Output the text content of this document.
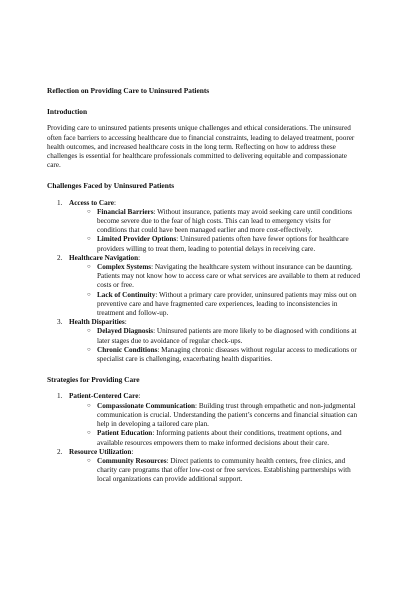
Reflection on Providing Care to Uninsured Patients
Introduction
Providing care to uninsured patients presents unique challenges and ethical considerations. The uninsured often face barriers to accessing healthcare due to financial constraints, leading to delayed treatment, poorer health outcomes, and increased healthcare costs in the long term. Reflecting on how to address these challenges is essential for healthcare professionals committed to delivering equitable and compassionate care.
Challenges Faced by Uninsured Patients
1. Access to Care:
○ Financial Barriers: Without insurance, patients may avoid seeking care until conditions become severe due to the fear of high costs. This can lead to emergency visits for conditions that could have been managed earlier and more cost-effectively.
○ Limited Provider Options: Uninsured patients often have fewer options for healthcare providers willing to treat them, leading to potential delays in receiving care.
2. Healthcare Navigation:
○ Complex Systems: Navigating the healthcare system without insurance can be daunting. Patients may not know how to access care or what services are available to them at reduced costs or free.
○ Lack of Continuity: Without a primary care provider, uninsured patients may miss out on preventive care and have fragmented care experiences, leading to inconsistencies in treatment and follow-up.
3. Health Disparities:
○ Delayed Diagnosis: Uninsured patients are more likely to be diagnosed with conditions at later stages due to avoidance of regular check-ups.
○ Chronic Conditions: Managing chronic diseases without regular access to medications or specialist care is challenging, exacerbating health disparities.
Strategies for Providing Care
1. Patient-Centered Care:
○ Compassionate Communication: Building trust through empathetic and non-judgmental communication is crucial. Understanding the patient’s concerns and financial situation can help in developing a tailored care plan.
○ Patient Education: Informing patients about their conditions, treatment options, and available resources empowers them to make informed decisions about their care.
2. Resource Utilization:
○ Community Resources: Direct patients to community health centers, free clinics, and charity care programs that offer low-cost or free services. Establishing partnerships with local organizations can provide additional support.
